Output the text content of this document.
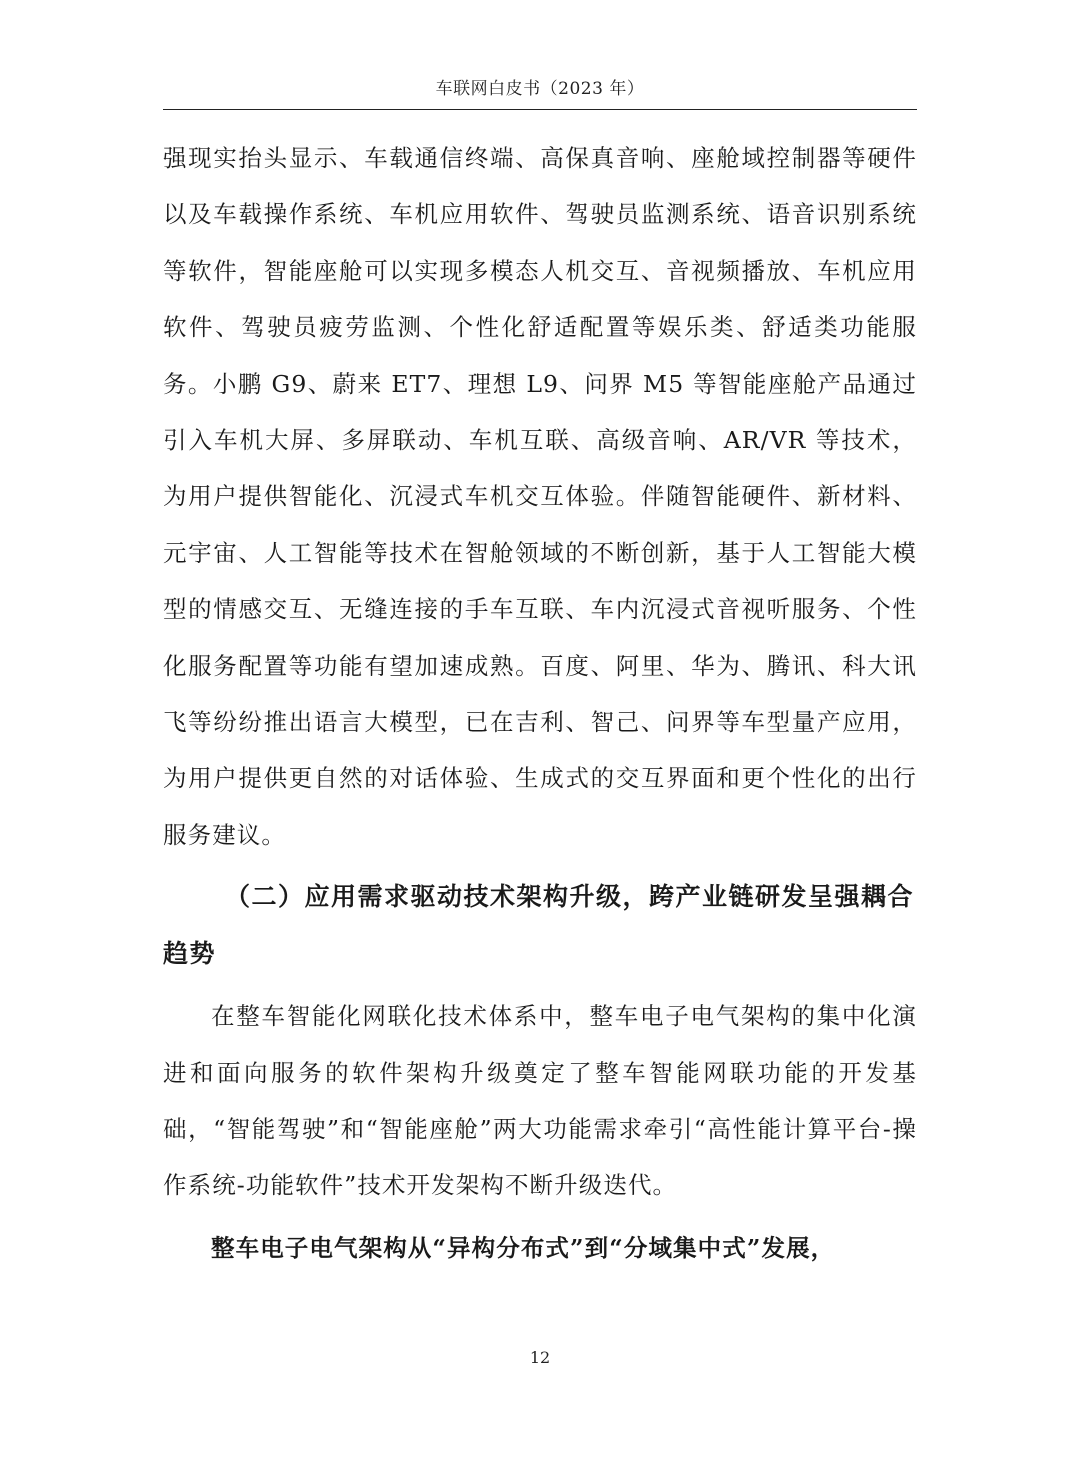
车联网白皮书（2023 年）

强现实抬头显示、车载通信终端、高保真音响、座舱域控制器等硬件以及车载操作系统、车机应用软件、驾驶员监测系统、语音识别系统等软件，智能座舱可以实现多模态人机交互、音视频播放、车机应用软件、驾驶员疲劳监测、个性化舒适配置等娱乐类、舒适类功能服务。小鹏 G9、蔚来 ET7、理想 L9、问界 M5 等智能座舱产品通过引入车机大屏、多屏联动、车机互联、高级音响、AR/VR 等技术，为用户提供智能化、沉浸式车机交互体验。伴随智能硬件、新材料、元宇宙、人工智能等技术在智舱领域的不断创新，基于人工智能大模型的情感交互、无缝连接的手车互联、车内沉浸式音视听服务、个性化服务配置等功能有望加速成熟。百度、阿里、华为、腾讯、科大讯飞等纷纷推出语言大模型，已在吉利、智己、问界等车型量产应用，为用户提供更自然的对话体验、生成式的交互界面和更个性化的出行服务建议。

（二）应用需求驱动技术架构升级，跨产业链研发呈强耦合趋势

在整车智能化网联化技术体系中，整车电子电气架构的集中化演进和面向服务的软件架构升级奠定了整车智能网联功能的开发基础，“智能驾驶”和“智能座舱”两大功能需求牵引“高性能计算平台-操作系统-功能软件”技术开发架构不断升级迭代。

整车电子电气架构从“异构分布式”到“分域集中式”发展，

12
